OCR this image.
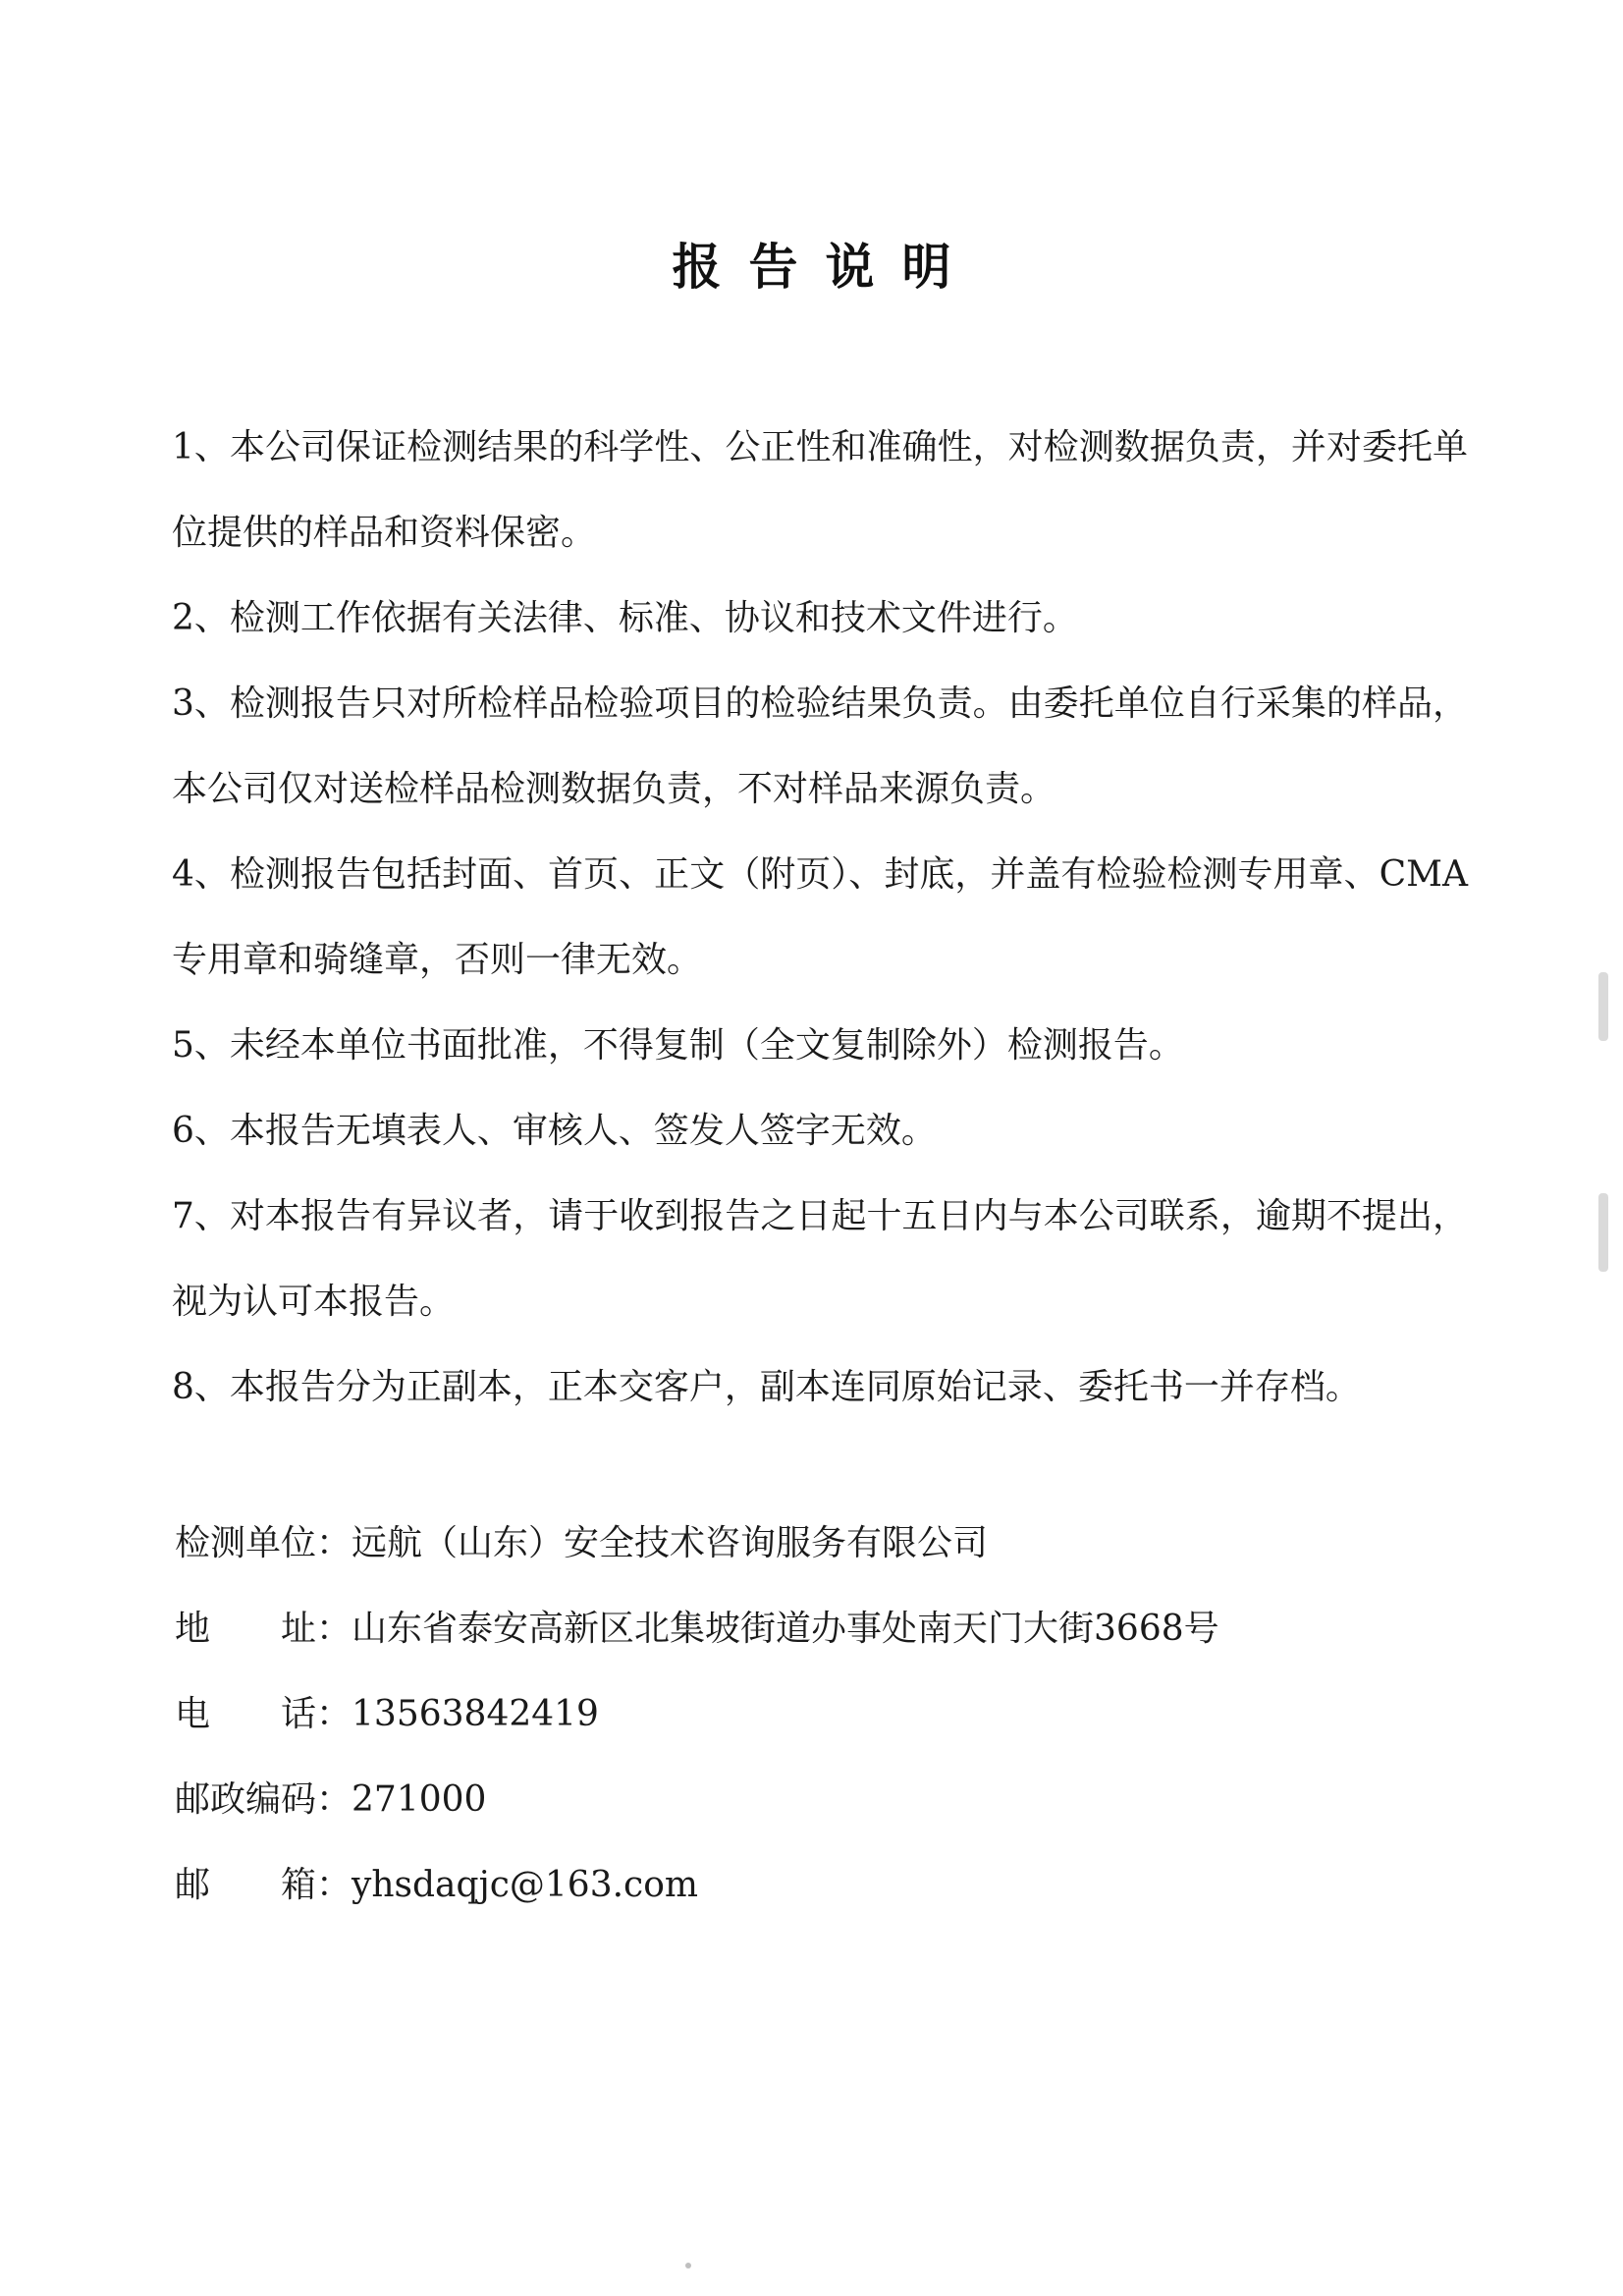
报告说明

1、本公司保证检测结果的科学性、公正性和准确性，对检测数据负责，并对委托单位提供的样品和资料保密。

2、检测工作依据有关法律、标准、协议和技术文件进行。

3、检测报告只对所检样品检验项目的检验结果负责。由委托单位自行采集的样品，本公司仅对送检样品检测数据负责，不对样品来源负责。

4、检测报告包括封面、首页、正文（附页）、封底，并盖有检验检测专用章、CMA专用章和骑缝章，否则一律无效。

5、未经本单位书面批准，不得复制（全文复制除外）检测报告。

6、本报告无填表人、审核人、签发人签字无效。

7、对本报告有异议者，请于收到报告之日起十五日内与本公司联系，逾期不提出，视为认可本报告。

8、本报告分为正副本，正本交客户，副本连同原始记录、委托书一并存档。

检测单位：远航（山东）安全技术咨询服务有限公司
地　　址：山东省泰安高新区北集坡街道办事处南天门大街3668号
电　　话：13563842419
邮政编码：271000
邮　　箱：yhsdaqjc@163.com
